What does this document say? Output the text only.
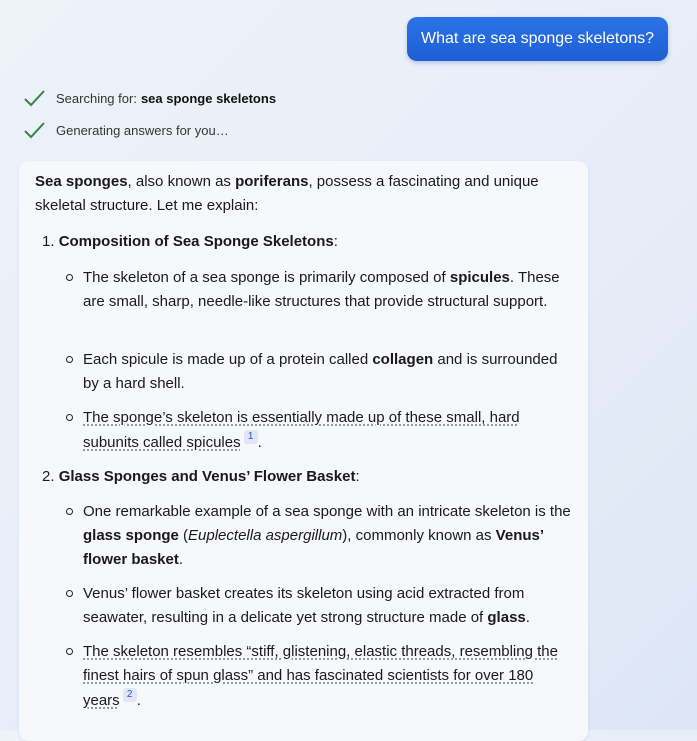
What are sea sponge skeletons?
Searching for: sea sponge skeletons
Generating answers for you…
Sea sponges, also known as poriferans, possess a fascinating and unique skeletal structure. Let me explain:
1. Composition of Sea Sponge Skeletons:
The skeleton of a sea sponge is primarily composed of spicules. These are small, sharp, needle-like structures that provide structural support.
Each spicule is made up of a protein called collagen and is surrounded by a hard shell.
The sponge’s skeleton is essentially made up of these small, hard subunits called spicules 1 .
2. Glass Sponges and Venus’ Flower Basket:
One remarkable example of a sea sponge with an intricate skeleton is the glass sponge (Euplectella aspergillum), commonly known as Venus’ flower basket.
Venus’ flower basket creates its skeleton using acid extracted from seawater, resulting in a delicate yet strong structure made of glass.
The skeleton resembles “stiff, glistening, elastic threads, resembling the finest hairs of spun glass” and has fascinated scientists for over 180 years 2 .
